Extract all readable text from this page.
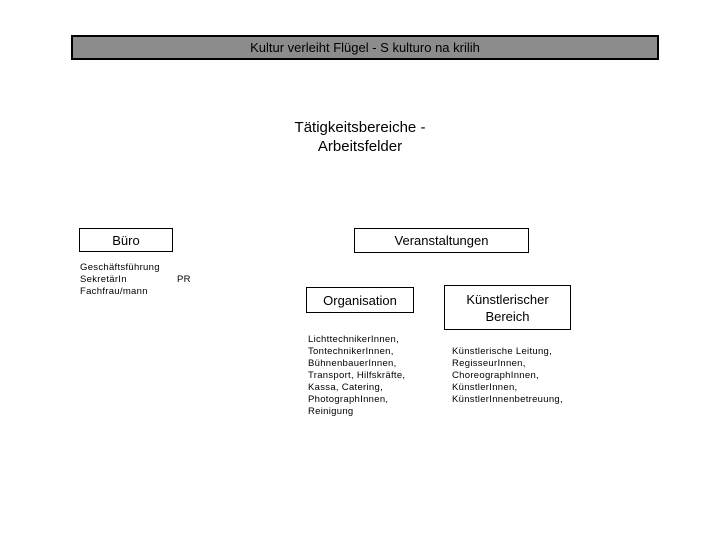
Kultur verleiht Flügel - S kulturo na krilih
Tätigkeitsbereiche -
Arbeitsfelder
Büro
Geschäftsführung
SekretärIn
Fachfrau/mann
PR
Veranstaltungen
Organisation
LichttechnikerInnen,
TontechnikerInnen,
BühnenbauerInnen,
Transport, Hilfskräfte,
Kassa, Catering,
PhotographInnen,
Reinigung
Künstlerischer
Bereich
Künstlerische Leitung,
RegisseurInnen,
ChoreographInnen,
KünstlerInnen,
KünstlerInnenbetreuung,
